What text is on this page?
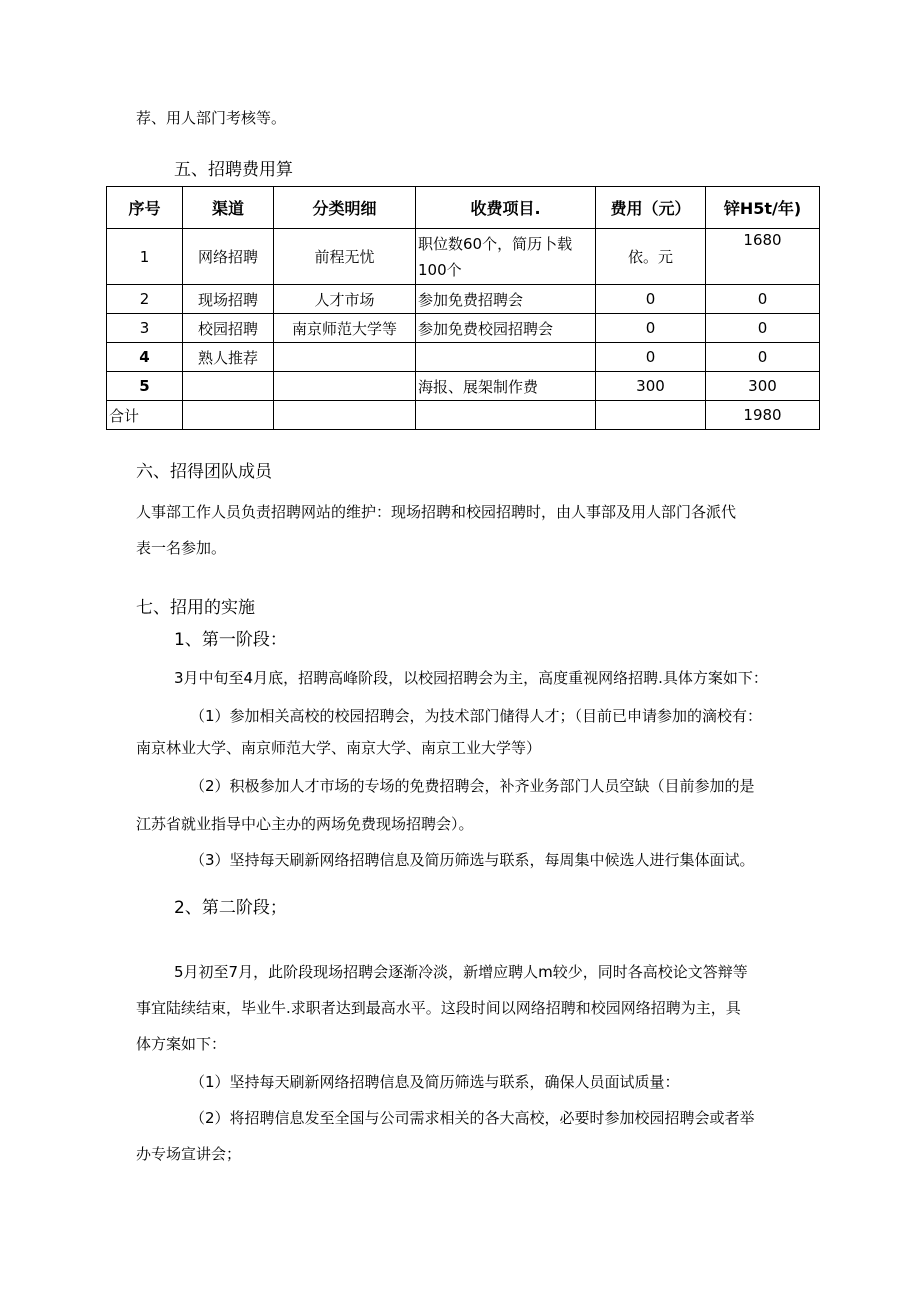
荐、用人部门考核等。
五、招聘费用算
序号	渠道	分类明细	收费项目.	费用（元）	锌H5t∕年)
1	网络招聘	前程无忧	职位数60个，简历卜载100个	依。元	1680
2	现场招聘	人才市场	参加免费招聘会	0	0
3	校园招聘	南京师范大学等	参加免费校园招聘会	0	0
4	熟人推荐			0	0
5			海报、展架制作费	300	300
合计					1980
六、招得团队成员
人事部工作人员负责招聘网站的维护：现场招聘和校园招聘时，由人事部及用人部门各派代
表一名参加。
七、招用的实施
1、第一阶段：
3月中旬至4月底，招聘高峰阶段，以校园招聘会为主，高度重视网络招聘.具体方案如下：
（1）参加相关高校的校园招聘会，为技术部门储得人才；（目前已申请参加的滴校有：
南京林业大学、南京师范大学、南京大学、南京工业大学等）
（2）积极参加人才市场的专场的免费招聘会，补齐业务部门人员空缺（目前参加的是
江苏省就业指导中心主办的两场免费现场招聘会）。
（3）坚持每天刷新网络招聘信息及简历筛选与联系，每周集中候选人进行集体面试。
2、第二阶段；
5月初至7月，此阶段现场招聘会逐渐冷淡，新增应聘人m较少，同时各高校论文答辩等
事宜陆续结束，毕业牛.求职者达到最高水平。这段时间以网络招聘和校园网络招聘为主，具
体方案如下：
（1）坚持每天刷新网络招聘信息及简历筛选与联系，确保人员面试质量：
（2）将招聘信息发至全国与公司需求相关的各大高校，必要时参加校园招聘会或者举
办专场宣讲会；
